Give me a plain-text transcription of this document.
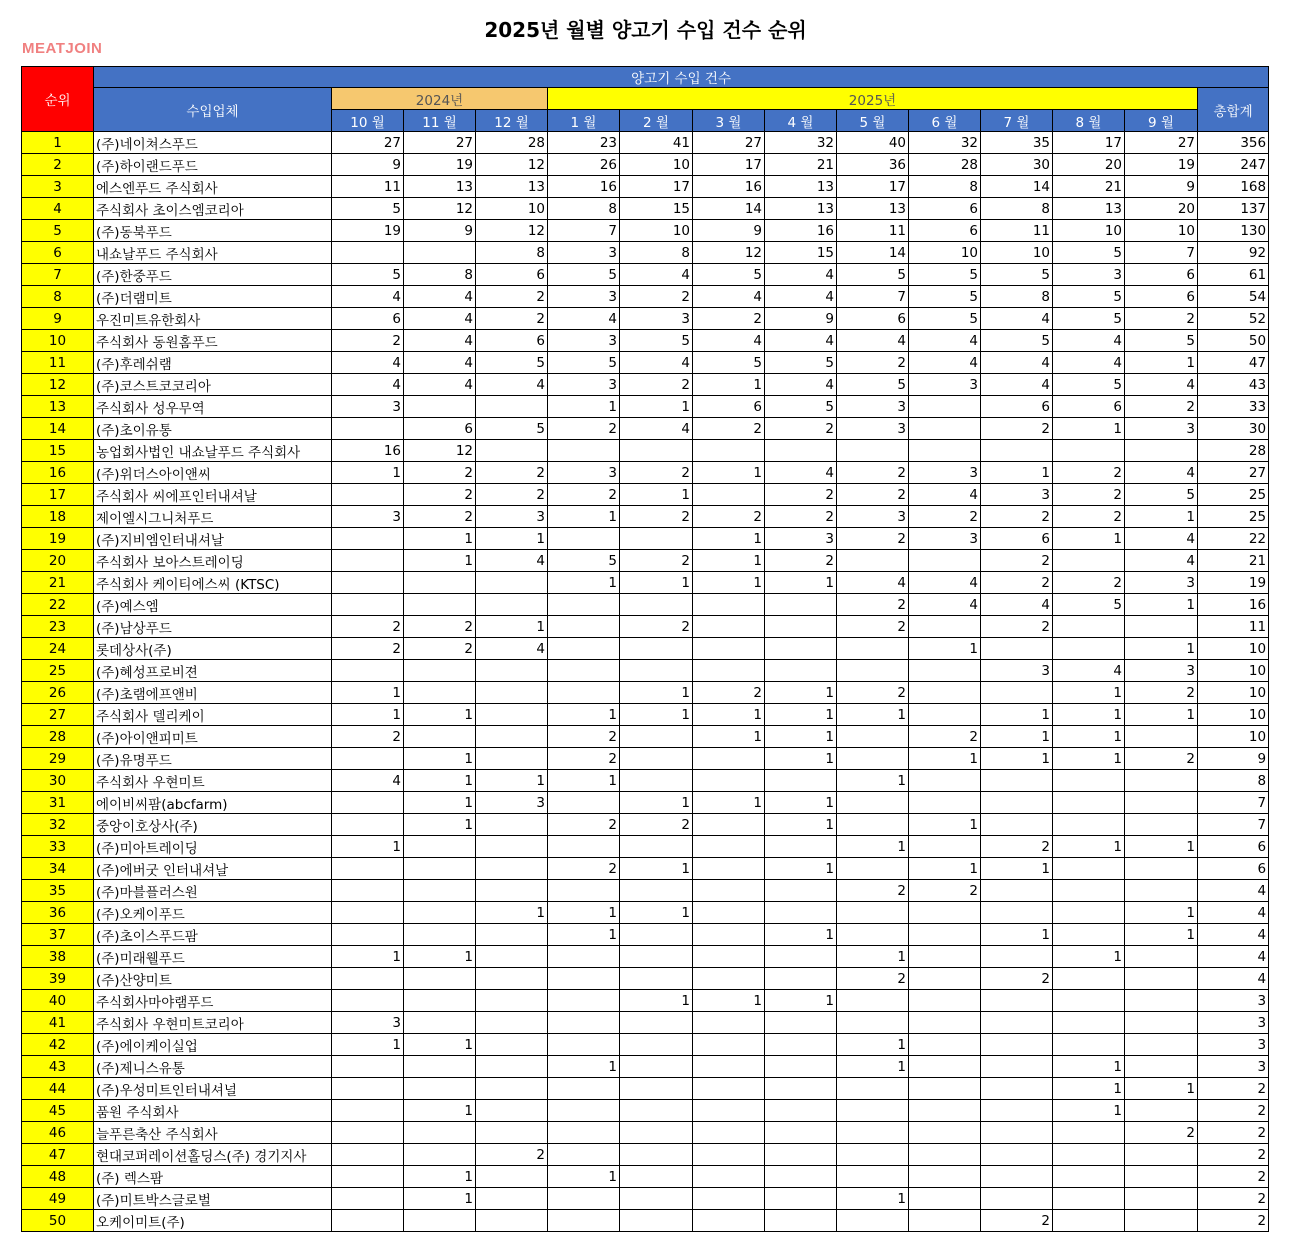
2025년 월별 양고기 수입 건수 순위
MEATJOIN
순위	양고기 수입 건수													
	수입업체	2024년			2025년									총합계
		10 월	11 월	12 월	1 월	2 월	3 월	4 월	5 월	6 월	7 월	8 월	9 월	
1	(주)네이쳐스푸드	27	27	28	23	41	27	32	40	32	35	17	27	356
2	(주)하이랜드푸드	9	19	12	26	10	17	21	36	28	30	20	19	247
3	에스엔푸드 주식회사	11	13	13	16	17	16	13	17	8	14	21	9	168
4	주식회사 초이스엠코리아	5	12	10	8	15	14	13	13	6	8	13	20	137
5	(주)동북푸드	19	9	12	7	10	9	16	11	6	11	10	10	130
6	내쇼날푸드 주식회사			8	3	8	12	15	14	10	10	5	7	92
7	(주)한중푸드	5	8	6	5	4	5	4	5	5	5	3	6	61
8	(주)더램미트	4	4	2	3	2	4	4	7	5	8	5	6	54
9	우진미트유한회사	6	4	2	4	3	2	9	6	5	4	5	2	52
10	주식회사 동원홈푸드	2	4	6	3	5	4	4	4	4	5	4	5	50
11	(주)후레쉬램	4	4	5	5	4	5	5	2	4	4	4	1	47
12	(주)코스트코코리아	4	4	4	3	2	1	4	5	3	4	5	4	43
13	주식회사 성우무역	3			1	1	6	5	3		6	6	2	33
14	(주)초이유통		6	5	2	4	2	2	3		2	1	3	30
15	농업회사법인 내쇼날푸드 주식회사	16	12											28
16	(주)위더스아이앤씨	1	2	2	3	2	1	4	2	3	1	2	4	27
17	주식회사 씨에프인터내셔날		2	2	2	1		2	2	4	3	2	5	25
18	제이엘시그니처푸드	3	2	3	1	2	2	2	3	2	2	2	1	25
19	(주)지비엠인터내셔날		1	1			1	3	2	3	6	1	4	22
20	주식회사 보아스트레이딩		1	4	5	2	1	2			2		4	21
21	주식회사 케이티에스씨 (KTSC)				1	1	1	1	4	4	2	2	3	19
22	(주)예스엠								2	4	4	5	1	16
23	(주)남상푸드	2	2	1		2			2		2			11
24	롯데상사(주)	2	2	4						1			1	10
25	(주)혜성프로비젼										3	4	3	10
26	(주)초램에프앤비	1				1	2	1	2			1	2	10
27	주식회사 델리케이	1	1		1	1	1	1	1		1	1	1	10
28	(주)아이앤피미트	2			2		1	1		2	1	1		10
29	(주)유명푸드		1		2			1		1	1	1	2	9
30	주식회사 우현미트	4	1	1	1				1					8
31	에이비씨팜(abcfarm)		1	3		1	1	1						7
32	중앙이호상사(주)		1		2	2		1		1				7
33	(주)미아트레이딩	1							1		2	1	1	6
34	(주)에버굿 인터내셔날				2	1		1		1	1			6
35	(주)마블플러스원								2	2				4
36	(주)오케이푸드			1	1	1							1	4
37	(주)초이스푸드팜				1			1			1		1	4
38	(주)미래웰푸드	1	1						1			1		4
39	(주)산양미트								2		2			4
40	주식회사마야램푸드					1	1	1						3
41	주식회사 우현미트코리아	3												3
42	(주)에이케이실업	1	1						1					3
43	(주)제니스유통				1				1			1		3
44	(주)우성미트인터내셔널											1	1	2
45	품원 주식회사		1									1		2
46	늘푸른축산 주식회사												2	2
47	현대코퍼레이션홀딩스(주) 경기지사			2										2
48	(주) 렉스팜		1		1									2
49	(주)미트박스글로벌		1						1					2
50	오케이미트(주)										2			2
